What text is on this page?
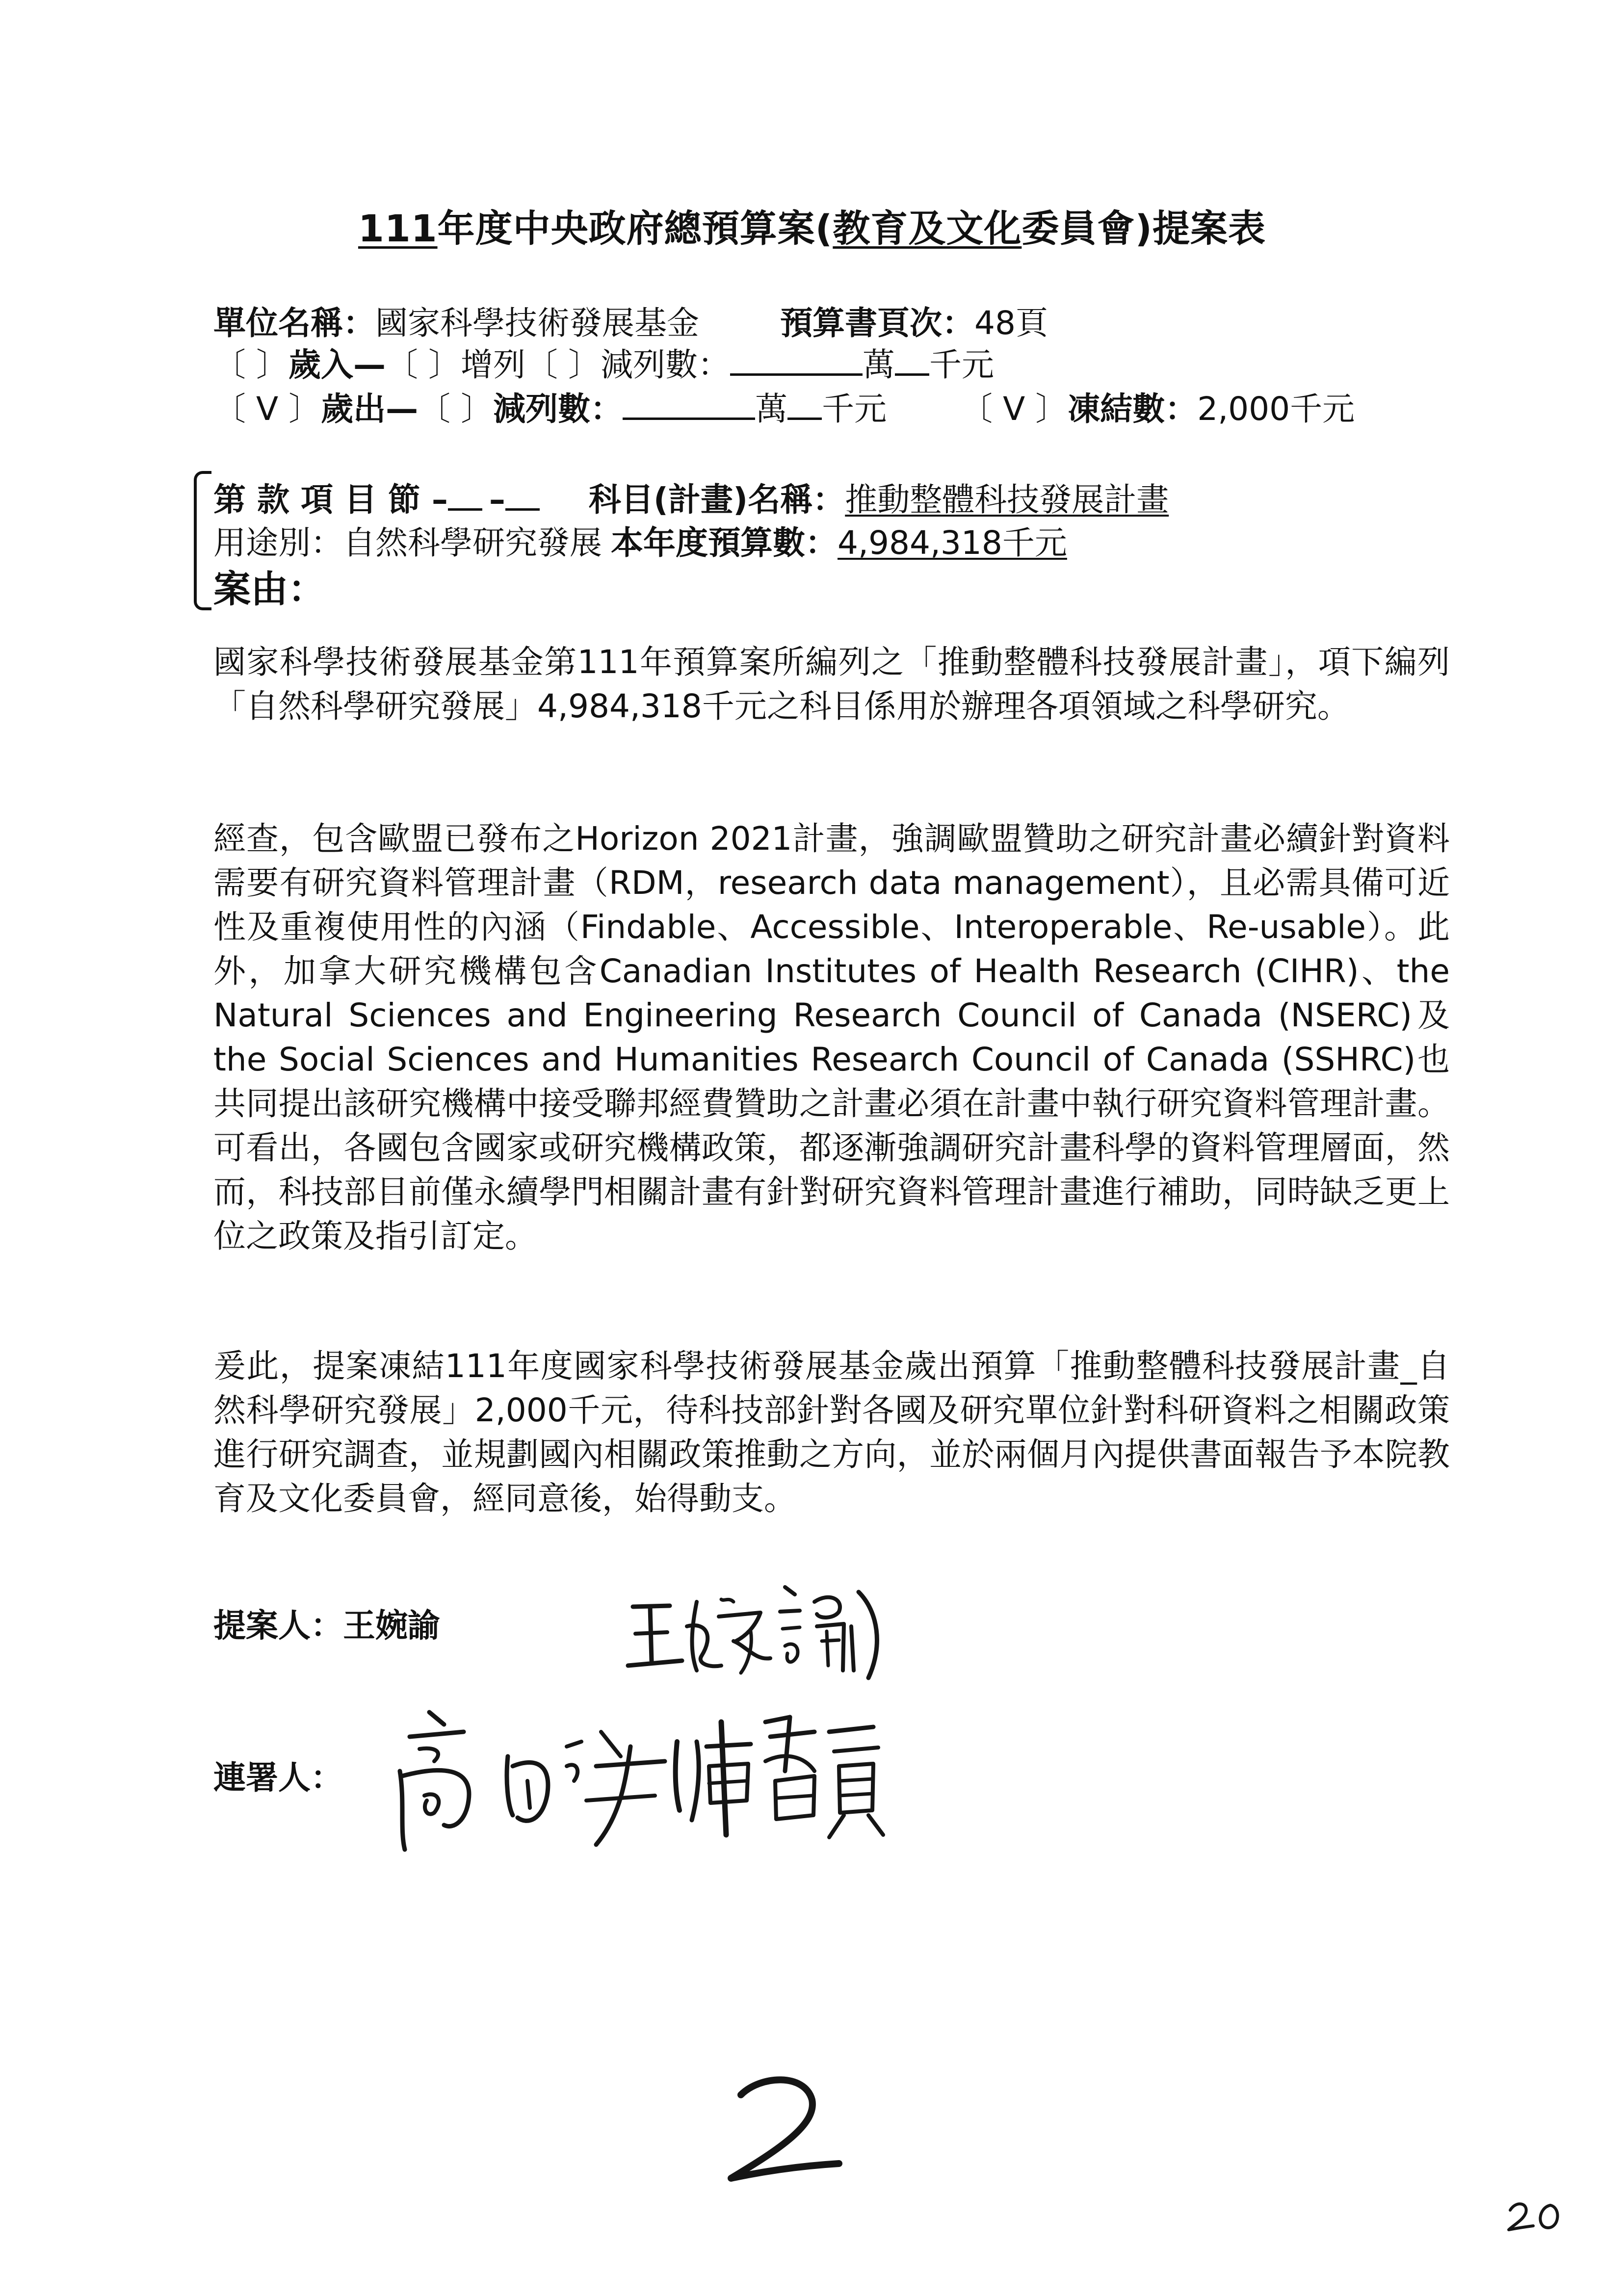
111年度中央政府總預算案(教育及文化委員會)提案表
單位名稱：國家科學技術發展基金	預算書頁次：48頁
〔 〕歲入—〔 〕增列〔 〕減列數：	萬 千元
〔 V 〕歲出—〔 〕減列數：	萬 千元 〔 V 〕凍結數：2,000千元
第 款 項 目 節 – –	科目(計畫)名稱：推動整體科技發展計畫
用途別：自然科學研究發展 本年度預算數：4,984,318千元
案由：
國家科學技術發展基金第111年預算案所編列之「推動整體科技發展計畫」，項下編列「自然科學研究發展」4,984,318千元之科目係用於辦理各項領域之科學研究。
經查，包含歐盟已發布之Horizon 2021計畫，強調歐盟贊助之研究計畫必續針對資料需要有研究資料管理計畫（RDM，research data management），且必需具備可近性及重複使用性的內涵（Findable、Accessible、Interoperable、Re-usable）。此外，加拿大研究機構包含Canadian Institutes of Health Research (CIHR)、the Natural Sciences and Engineering Research Council of Canada (NSERC)及 the Social Sciences and Humanities Research Council of Canada (SSHRC)也共同提出該研究機構中接受聯邦經費贊助之計畫必須在計畫中執行研究資料管理計畫。可看出，各國包含國家或研究機構政策，都逐漸強調研究計畫科學的資料管理層面，然而，科技部目前僅永續學門相關計畫有針對研究資料管理計畫進行補助，同時缺乏更上位之政策及指引訂定。
爰此，提案凍結111年度國家科學技術發展基金歲出預算「推動整體科技發展計畫_自然科學研究發展」2,000千元，待科技部針對各國及研究單位針對科研資料之相關政策進行研究調查，並規劃國內相關政策推動之方向，並於兩個月內提供書面報告予本院教育及文化委員會，經同意後，始得動支。
提案人：王婉諭
連署人：
